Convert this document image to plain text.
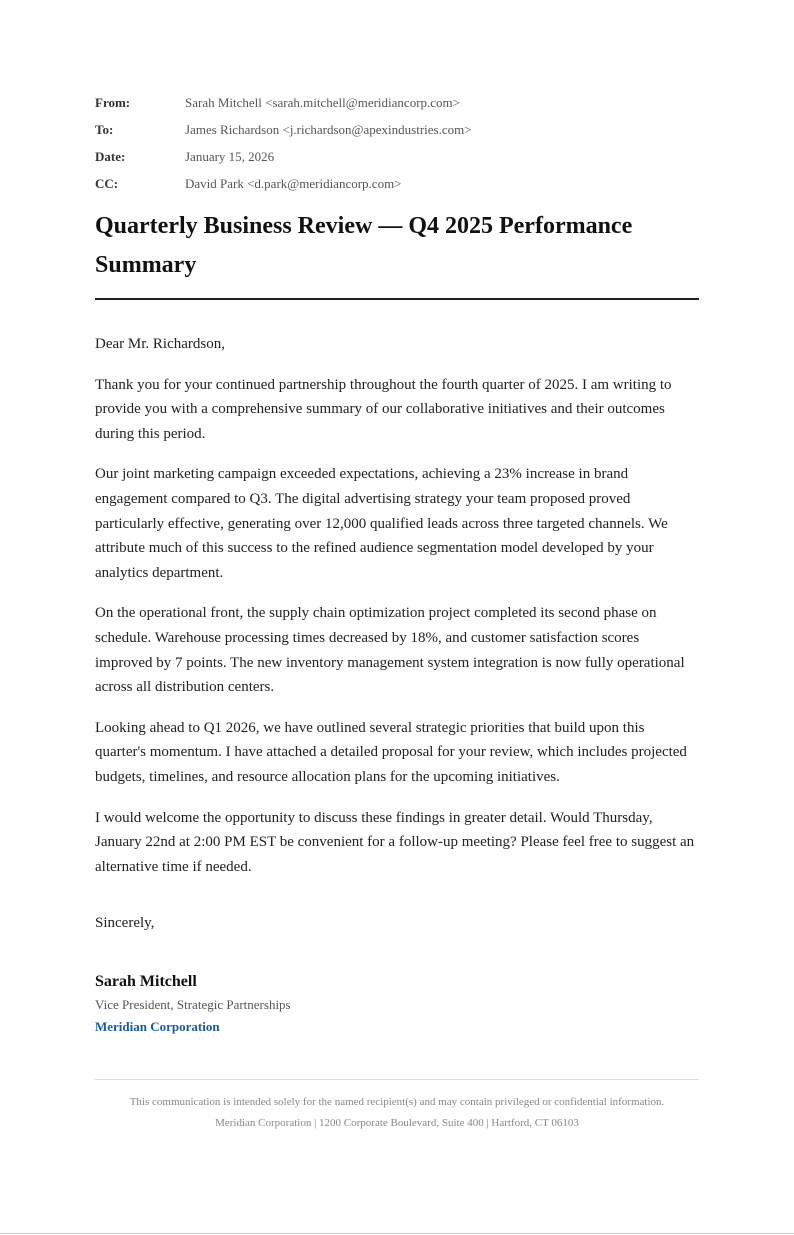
From:	Sarah Mitchell <sarah.mitchell@meridiancorp.com>
To:	James Richardson <j.richardson@apexindustries.com>
Date:	January 15, 2026
CC:	David Park <d.park@meridiancorp.com>
Quarterly Business Review — Q4 2025 Performance Summary

Dear Mr. Richardson,

Thank you for your continued partnership throughout the fourth quarter of 2025. I am writing to provide you with a comprehensive summary of our collaborative initiatives and their outcomes during this period.

Our joint marketing campaign exceeded expectations, achieving a 23% increase in brand engagement compared to Q3. The digital advertising strategy your team proposed proved particularly effective, generating over 12,000 qualified leads across three targeted channels. We attribute much of this success to the refined audience segmentation model developed by your analytics department.

On the operational front, the supply chain optimization project completed its second phase on schedule. Warehouse processing times decreased by 18%, and customer satisfaction scores improved by 7 points. The new inventory management system integration is now fully operational across all distribution centers.

Looking ahead to Q1 2026, we have outlined several strategic priorities that build upon this quarter's momentum. I have attached a detailed proposal for your review, which includes projected budgets, timelines, and resource allocation plans for the upcoming initiatives.

I would welcome the opportunity to discuss these findings in greater detail. Would Thursday, January 22nd at 2:00 PM EST be convenient for a follow-up meeting? Please feel free to suggest an alternative time if needed.

Sincerely,
Sarah Mitchell
Vice President, Strategic Partnerships
Meridian Corporation
This communication is intended solely for the named recipient(s) and may contain privileged or confidential information.
Meridian Corporation | 1200 Corporate Boulevard, Suite 400 | Hartford, CT 06103
